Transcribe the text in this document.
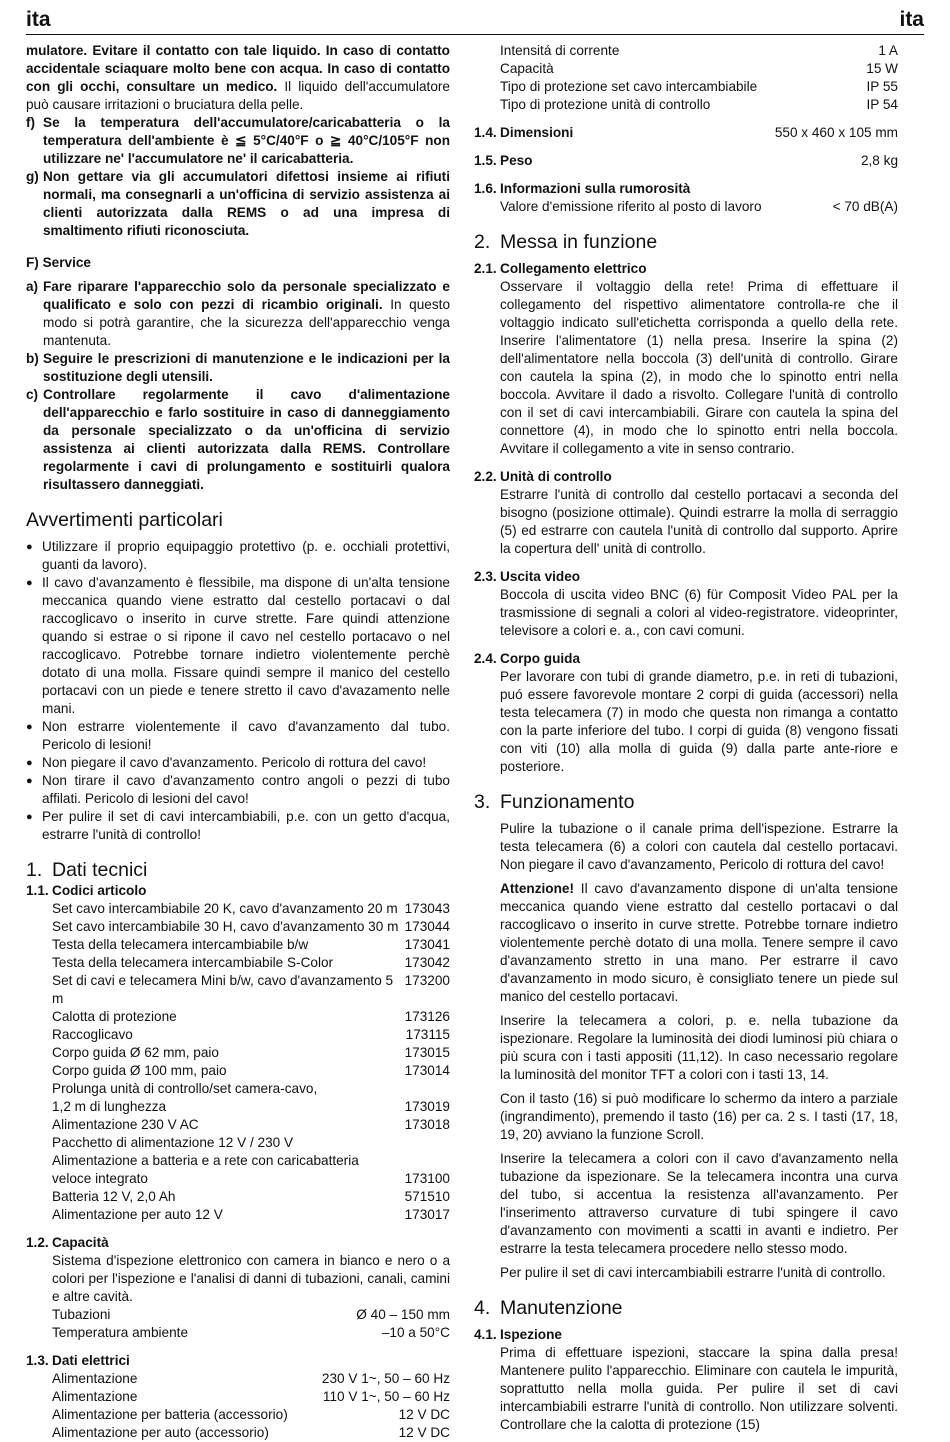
ita	ita
mulatore. Evitare il contatto con tale liquido. In caso di contatto accidentale sciaquare molto bene con acqua. In caso di contatto con gli occhi, consultare un medico. Il liquido dell'accumulatore può causare irritazioni o bruciatura della pelle.
f) Se la temperatura dell'accumulatore/caricabatteria o la temperatura dell'ambiente è ≦ 5°C/40°F o ≧ 40°C/105°F non utilizzare ne' l'accumulatore ne' il caricabatteria.
g) Non gettare via gli accumulatori difettosi insieme ai rifiuti normali, ma consegnarli a un'officina di servizio assistenza ai clienti autorizzata dalla REMS o ad una impresa di smaltimento rifiuti riconosciuta.
F) Service
a) Fare riparare l'apparecchio solo da personale specializzato e qualificato e solo con pezzi di ricambio originali. In questo modo si potrà garantire, che la sicurezza dell'apparecchio venga mantenuta.
b) Seguire le prescrizioni di manutenzione e le indicazioni per la sostituzione degli utensili.
c) Controllare regolarmente il cavo d'alimentazione dell'apparecchio e farlo sostituire in caso di danneggiamento da personale specializzato o da un'officina di servizio assistenza ai clienti autorizzata dalla REMS. Controllare regolarmente i cavi di prolungamento e sostituirli qualora risultassero danneggiati.
Avvertimenti particolari
● Utilizzare il proprio equipaggio protettivo (p. e. occhiali protettivi, guanti da lavoro).
● Il cavo d'avanzamento è flessibile, ma dispone di un'alta tensione meccanica quando viene estratto dal cestello portacavi o dal raccoglicavo o inserito in curve strette. Fare quindi attenzione quando si estrae o si ripone il cavo nel cestello portacavo o nel raccoglicavo. Potrebbe tornare indietro violentemente perchè dotato di una molla. Fissare quindi sempre il manico del cestello portacavi con un piede e tenere stretto il cavo d'avazamento nelle mani.
● Non estrarre violentemente il cavo d'avanzamento dal tubo. Pericolo di lesioni!
● Non piegare il cavo d'avanzamento. Pericolo di rottura del cavo!
● Non tirare il cavo d'avanzamento contro angoli o pezzi di tubo affilati. Pericolo di lesioni del cavo!
● Per pulire il set di cavi intercambiabili, p.e. con un getto d'acqua, estrarre l'unità di controllo!
1. Dati tecnici
1.1. Codici articolo
Set cavo intercambiabile 20 K, cavo d'avanzamento 20 m 173043
Set cavo intercambiabile 30 H, cavo d'avanzamento 30 m 173044
Testa della telecamera intercambiabile b/w	173041
Testa della telecamera intercambiabile S-Color	173042
Set di cavi e telecamera Mini b/w, cavo d'avanzamento 5 m
173200
Calotta di protezione	173126
Raccoglicavo	173115
Corpo guida Ø 62 mm, paio	173015
Corpo guida Ø 100 mm, paio	173014
Prolunga unità di controllo/set camera-cavo,
1,2 m di lunghezza	173019
Alimentazione 230 V AC	173018
Pacchetto di alimentazione 12 V / 230 V
Alimentazione a batteria e a rete con caricabatteria
veloce integrato	173100
Batteria 12 V, 2,0 Ah	571510
Alimentazione per auto 12 V	173017
1.2. Capacità
Sistema d'ispezione elettronico con camera in bianco e nero o a colori per l'ispezione e l'analisi di danni di tubazioni, canali, camini e altre cavità.
Tubazioni	Ø 40 – 150 mm
Temperatura ambiente	–10 a 50°C
1.3. Dati elettrici
Alimentazione	230 V 1~, 50 – 60 Hz
Alimentazione	110 V 1~, 50 – 60 Hz
Alimentazione per batteria (accessorio)	12 V DC
Alimentazione per auto (accessorio)	12 V DC
Intensitá di corrente	1 A
Capacità	15 W
Tipo di protezione set cavo intercambiabile	IP 55
Tipo di protezione unità di controllo	IP 54
1.4. Dimensioni	550 x 460 x 105 mm
1.5. Peso	2,8 kg
1.6. Informazioni sulla rumorosità
Valore d'emissione riferito al posto di lavoro	< 70 dB(A)
2. Messa in funzione
2.1. Collegamento elettrico
Osservare il voltaggio della rete! Prima di effettuare il collegamento del rispettivo alimentatore controlla-re che il voltaggio indicato sull'etichetta corrisponda a quello della rete. Inserire l'alimentatore (1) nella presa. Inserire la spina (2) dell'alimentatore nella boccola (3) dell'unità di controllo. Girare con cautela la spina (2), in modo che lo spinotto entri nella boccola. Avvitare il dado a risvolto. Collegare l'unità di controllo con il set di cavi intercambiabili. Girare con cautela la spina del connettore (4), in modo che lo spinotto entri nella boccola. Avvitare il collegamento a vite in senso contrario.
2.2. Unità di controllo
Estrarre l'unità di controllo dal cestello portacavi a seconda del bisogno (posizione ottimale). Quindi estrarre la molla di serraggio (5) ed estrarre con cautela l'unità di controllo dal supporto. Aprire la copertura dell' unità di controllo.
2.3. Uscita video
Boccola di uscita video BNC (6) für Composit Video PAL per la trasmissione di segnali a colori al video-registratore. videoprinter, televisore a colori e. a., con cavi comuni.
2.4. Corpo guida
Per lavorare con tubi di grande diametro, p.e. in reti di tubazioni, puó essere favorevole montare 2 corpi di guida (accessori) nella testa telecamera (7) in modo che questa non rimanga a contatto con la parte inferiore del tubo. I corpi di guida (8) vengono fissati con viti (10) alla molla di guida (9) dalla parte ante-riore e posteriore.
3. Funzionamento
Pulire la tubazione o il canale prima dell'ispezione. Estrarre la testa telecamera (6) a colori con cautela dal cestello portacavi. Non piegare il cavo d'avanzamento, Pericolo di rottura del cavo!
Attenzione! Il cavo d'avanzamento dispone di un'alta tensione meccanica quando viene estratto dal cestello portacavi o dal raccoglicavo o inserito in curve strette. Potrebbe tornare indietro violentemente perchè dotato di una molla. Tenere sempre il cavo d'avanzamento stretto in una mano. Per estrarre il cavo d'avanzamento in modo sicuro, è consigliato tenere un piede sul manico del cestello portacavi.
Inserire la telecamera a colori, p. e. nella tubazione da ispezionare. Regolare la luminosità dei diodi luminosi più chiara o più scura con i tasti appositi (11,12). In caso necessario regolare la luminosità del monitor TFT a colori con i tasti 13, 14.
Con il tasto (16) si può modificare lo schermo da intero a parziale (ingrandimento), premendo il tasto (16) per ca. 2 s. I tasti (17, 18, 19, 20) avviano la funzione Scroll.
Inserire la telecamera a colori con il cavo d'avanzamento nella tubazione da ispezionare. Se la telecamera incontra una curva del tubo, si accentua la resistenza all'avanzamento. Per l'inserimento attraverso curvature di tubi spingere il cavo d'avanzamento con movimenti a scatti in avanti e indietro. Per estrarre la testa telecamera procedere nello stesso modo.
Per pulire il set di cavi intercambiabili estrarre l'unità di controllo.
4. Manutenzione
4.1. Ispezione
Prima di effettuare ispezioni, staccare la spina dalla presa! Mantenere pulito l'apparecchio. Eliminare con cautela le impurità, soprattutto nella molla guida. Per pulire il set di cavi intercambiabili estrarre l'unità di controllo. Non utilizzare solventi. Controllare che la calotta di protezione (15)
